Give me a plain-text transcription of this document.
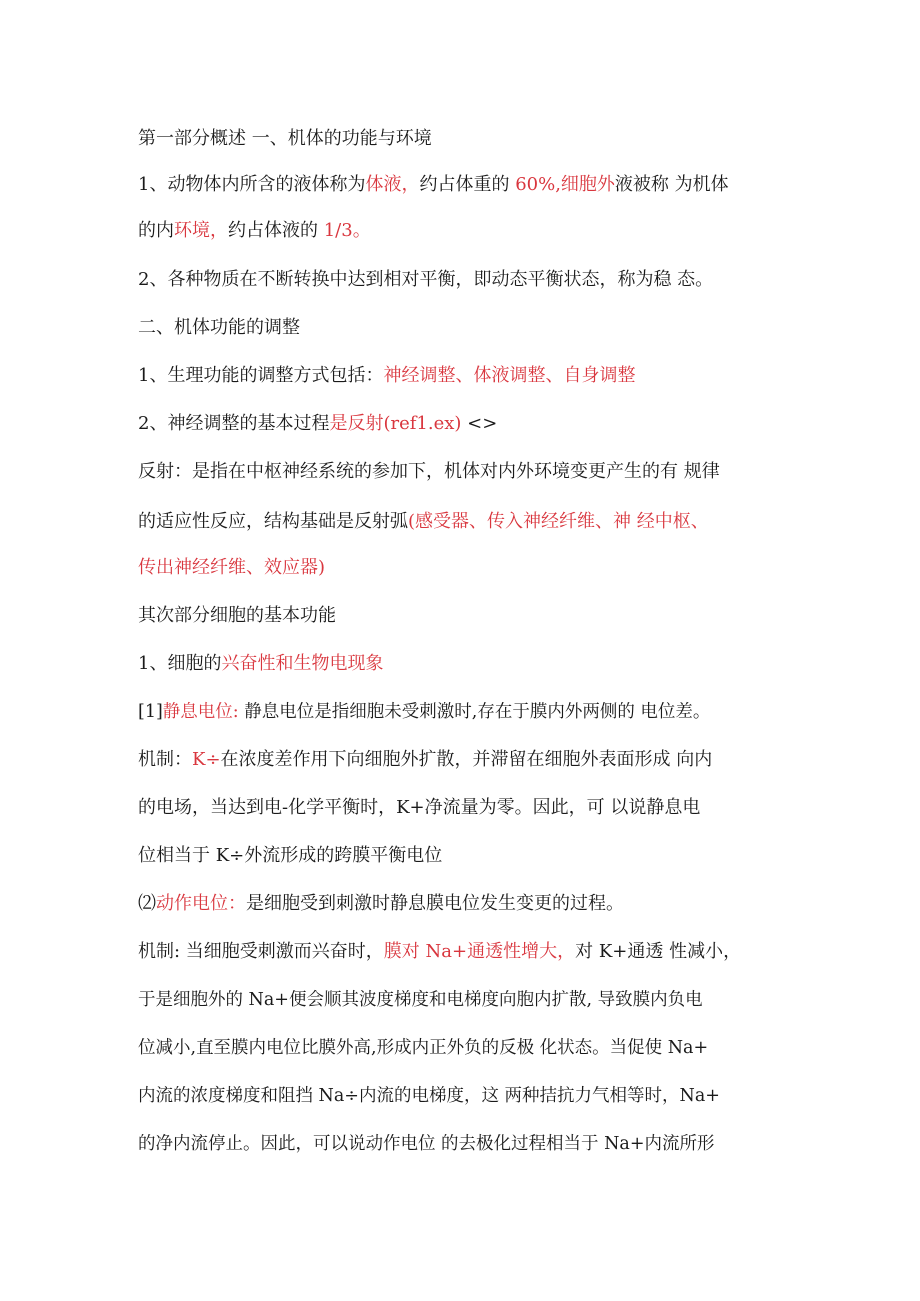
第一部分概述 一、机体的功能与环境
1、动物体内所含的液体称为体液，约占体重的 60%,细胞外液被称 为机体
的内环境，约占体液的 1/3。
2、各种物质在不断转换中达到相对平衡，即动态平衡状态，称为稳 态。
二、机体功能的调整
1、生理功能的调整方式包括：神经调整、体液调整、自身调整
2、神经调整的基本过程是反射(ref1.ex) <>
反射：是指在中枢神经系统的参加下，机体对内外环境变更产生的有 规律
的适应性反应，结构基础是反射弧(感受器、传入神经纤维、神 经中枢、
传出神经纤维、效应器)
其次部分细胞的基本功能
1、细胞的兴奋性和生物电现象
[1]静息电位: 静息电位是指细胞未受刺激时,存在于膜内外两侧的 电位差。
机制：K÷在浓度差作用下向细胞外扩散，并滞留在细胞外表面形成 向内
的电场，当达到电-化学平衡时，K+净流量为零。因此，可 以说静息电
位相当于 K÷外流形成的跨膜平衡电位
⑵动作电位：是细胞受到刺激时静息膜电位发生变更的过程。
机制: 当细胞受刺激而兴奋时，膜对 Na+通透性增大，对 K+通透 性减小，
于是细胞外的 Na+便会顺其波度梯度和电梯度向胞内扩散, 导致膜内负电
位减小,直至膜内电位比膜外高,形成内正外负的反极 化状态。当促使 Na+
内流的浓度梯度和阻挡 Na÷内流的电梯度，这 两种拮抗力气相等时，Na+
的净内流停止。因此，可以说动作电位 的去极化过程相当于 Na+内流所形
